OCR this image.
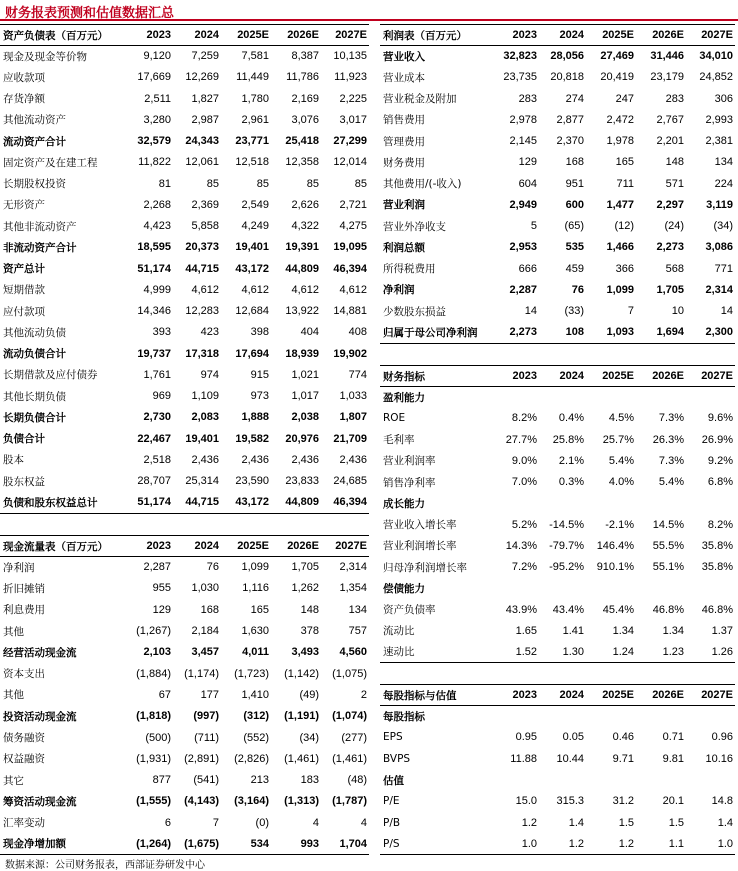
财务报表预测和估值数据汇总
资产负债表（百万元）	2023	2024	2025E	2026E	2027E
现金及现金等价物	9,120	7,259	7,581	8,387	10,135
应收款项	17,669	12,269	11,449	11,786	11,923
存货净额	2,511	1,827	1,780	2,169	2,225
其他流动资产	3,280	2,987	2,961	3,076	3,017
流动资产合计	32,579	24,343	23,771	25,418	27,299
固定资产及在建工程	11,822	12,061	12,518	12,358	12,014
长期股权投资	81	85	85	85	85
无形资产	2,268	2,369	2,549	2,626	2,721
其他非流动资产	4,423	5,858	4,249	4,322	4,275
非流动资产合计	18,595	20,373	19,401	19,391	19,095
资产总计	51,174	44,715	43,172	44,809	46,394
短期借款	4,999	4,612	4,612	4,612	4,612
应付款项	14,346	12,283	12,684	13,922	14,881
其他流动负债	393	423	398	404	408
流动负债合计	19,737	17,318	17,694	18,939	19,902
长期借款及应付债券	1,761	974	915	1,021	774
其他长期负债	969	1,109	973	1,017	1,033
长期负债合计	2,730	2,083	1,888	2,038	1,807
负债合计	22,467	19,401	19,582	20,976	21,709
股本	2,518	2,436	2,436	2,436	2,436
股东权益	28,707	25,314	23,590	23,833	24,685
负债和股东权益总计	51,174	44,715	43,172	44,809	46,394
利润表（百万元）	2023	2024	2025E	2026E	2027E
营业收入	32,823	28,056	27,469	31,446	34,010
营业成本	23,735	20,818	20,419	23,179	24,852
营业税金及附加	283	274	247	283	306
销售费用	2,978	2,877	2,472	2,767	2,993
管理费用	2,145	2,370	1,978	2,201	2,381
财务费用	129	168	165	148	134
其他费用/(-收入)	604	951	711	571	224
营业利润	2,949	600	1,477	2,297	3,119
营业外净收支	5	(65)	(12)	(24)	(34)
利润总额	2,953	535	1,466	2,273	3,086
所得税费用	666	459	366	568	771
净利润	2,287	76	1,099	1,705	2,314
少数股东损益	14	(33)	7	10	14
归属于母公司净利润	2,273	108	1,093	1,694	2,300
财务指标	2023	2024	2025E	2026E	2027E
盈利能力					
ROE	8.2%	0.4%	4.5%	7.3%	9.6%
毛利率	27.7%	25.8%	25.7%	26.3%	26.9%
营业利润率	9.0%	2.1%	5.4%	7.3%	9.2%
销售净利率	7.0%	0.3%	4.0%	5.4%	6.8%
成长能力					
营业收入增长率	5.2%	-14.5%	-2.1%	14.5%	8.2%
营业利润增长率	14.3%	-79.7%	146.4%	55.5%	35.8%
归母净利润增长率	7.2%	-95.2%	910.1%	55.1%	35.8%
偿债能力					
资产负债率	43.9%	43.4%	45.4%	46.8%	46.8%
流动比	1.65	1.41	1.34	1.34	1.37
速动比	1.52	1.30	1.24	1.23	1.26
现金流量表（百万元）	2023	2024	2025E	2026E	2027E
净利润	2,287	76	1,099	1,705	2,314
折旧摊销	955	1,030	1,116	1,262	1,354
利息费用	129	168	165	148	134
其他	(1,267)	2,184	1,630	378	757
经营活动现金流	2,103	3,457	4,011	3,493	4,560
资本支出	(1,884)	(1,174)	(1,723)	(1,142)	(1,075)
其他	67	177	1,410	(49)	2
投资活动现金流	(1,818)	(997)	(312)	(1,191)	(1,074)
债务融资	(500)	(711)	(552)	(34)	(277)
权益融资	(1,931)	(2,891)	(2,826)	(1,461)	(1,461)
其它	877	(541)	213	183	(48)
筹资活动现金流	(1,555)	(4,143)	(3,164)	(1,313)	(1,787)
汇率变动	6	7	(0)	4	4
现金净增加额	(1,264)	(1,675)	534	993	1,704
每股指标与估值	2023	2024	2025E	2026E	2027E
每股指标					
EPS	0.95	0.05	0.46	0.71	0.96
BVPS	11.88	10.44	9.71	9.81	10.16
估值					
P/E	15.0	315.3	31.2	20.1	14.8
P/B	1.2	1.4	1.5	1.5	1.4
P/S	1.0	1.2	1.2	1.1	1.0
数据来源：公司财务报表，西部证券研发中心
